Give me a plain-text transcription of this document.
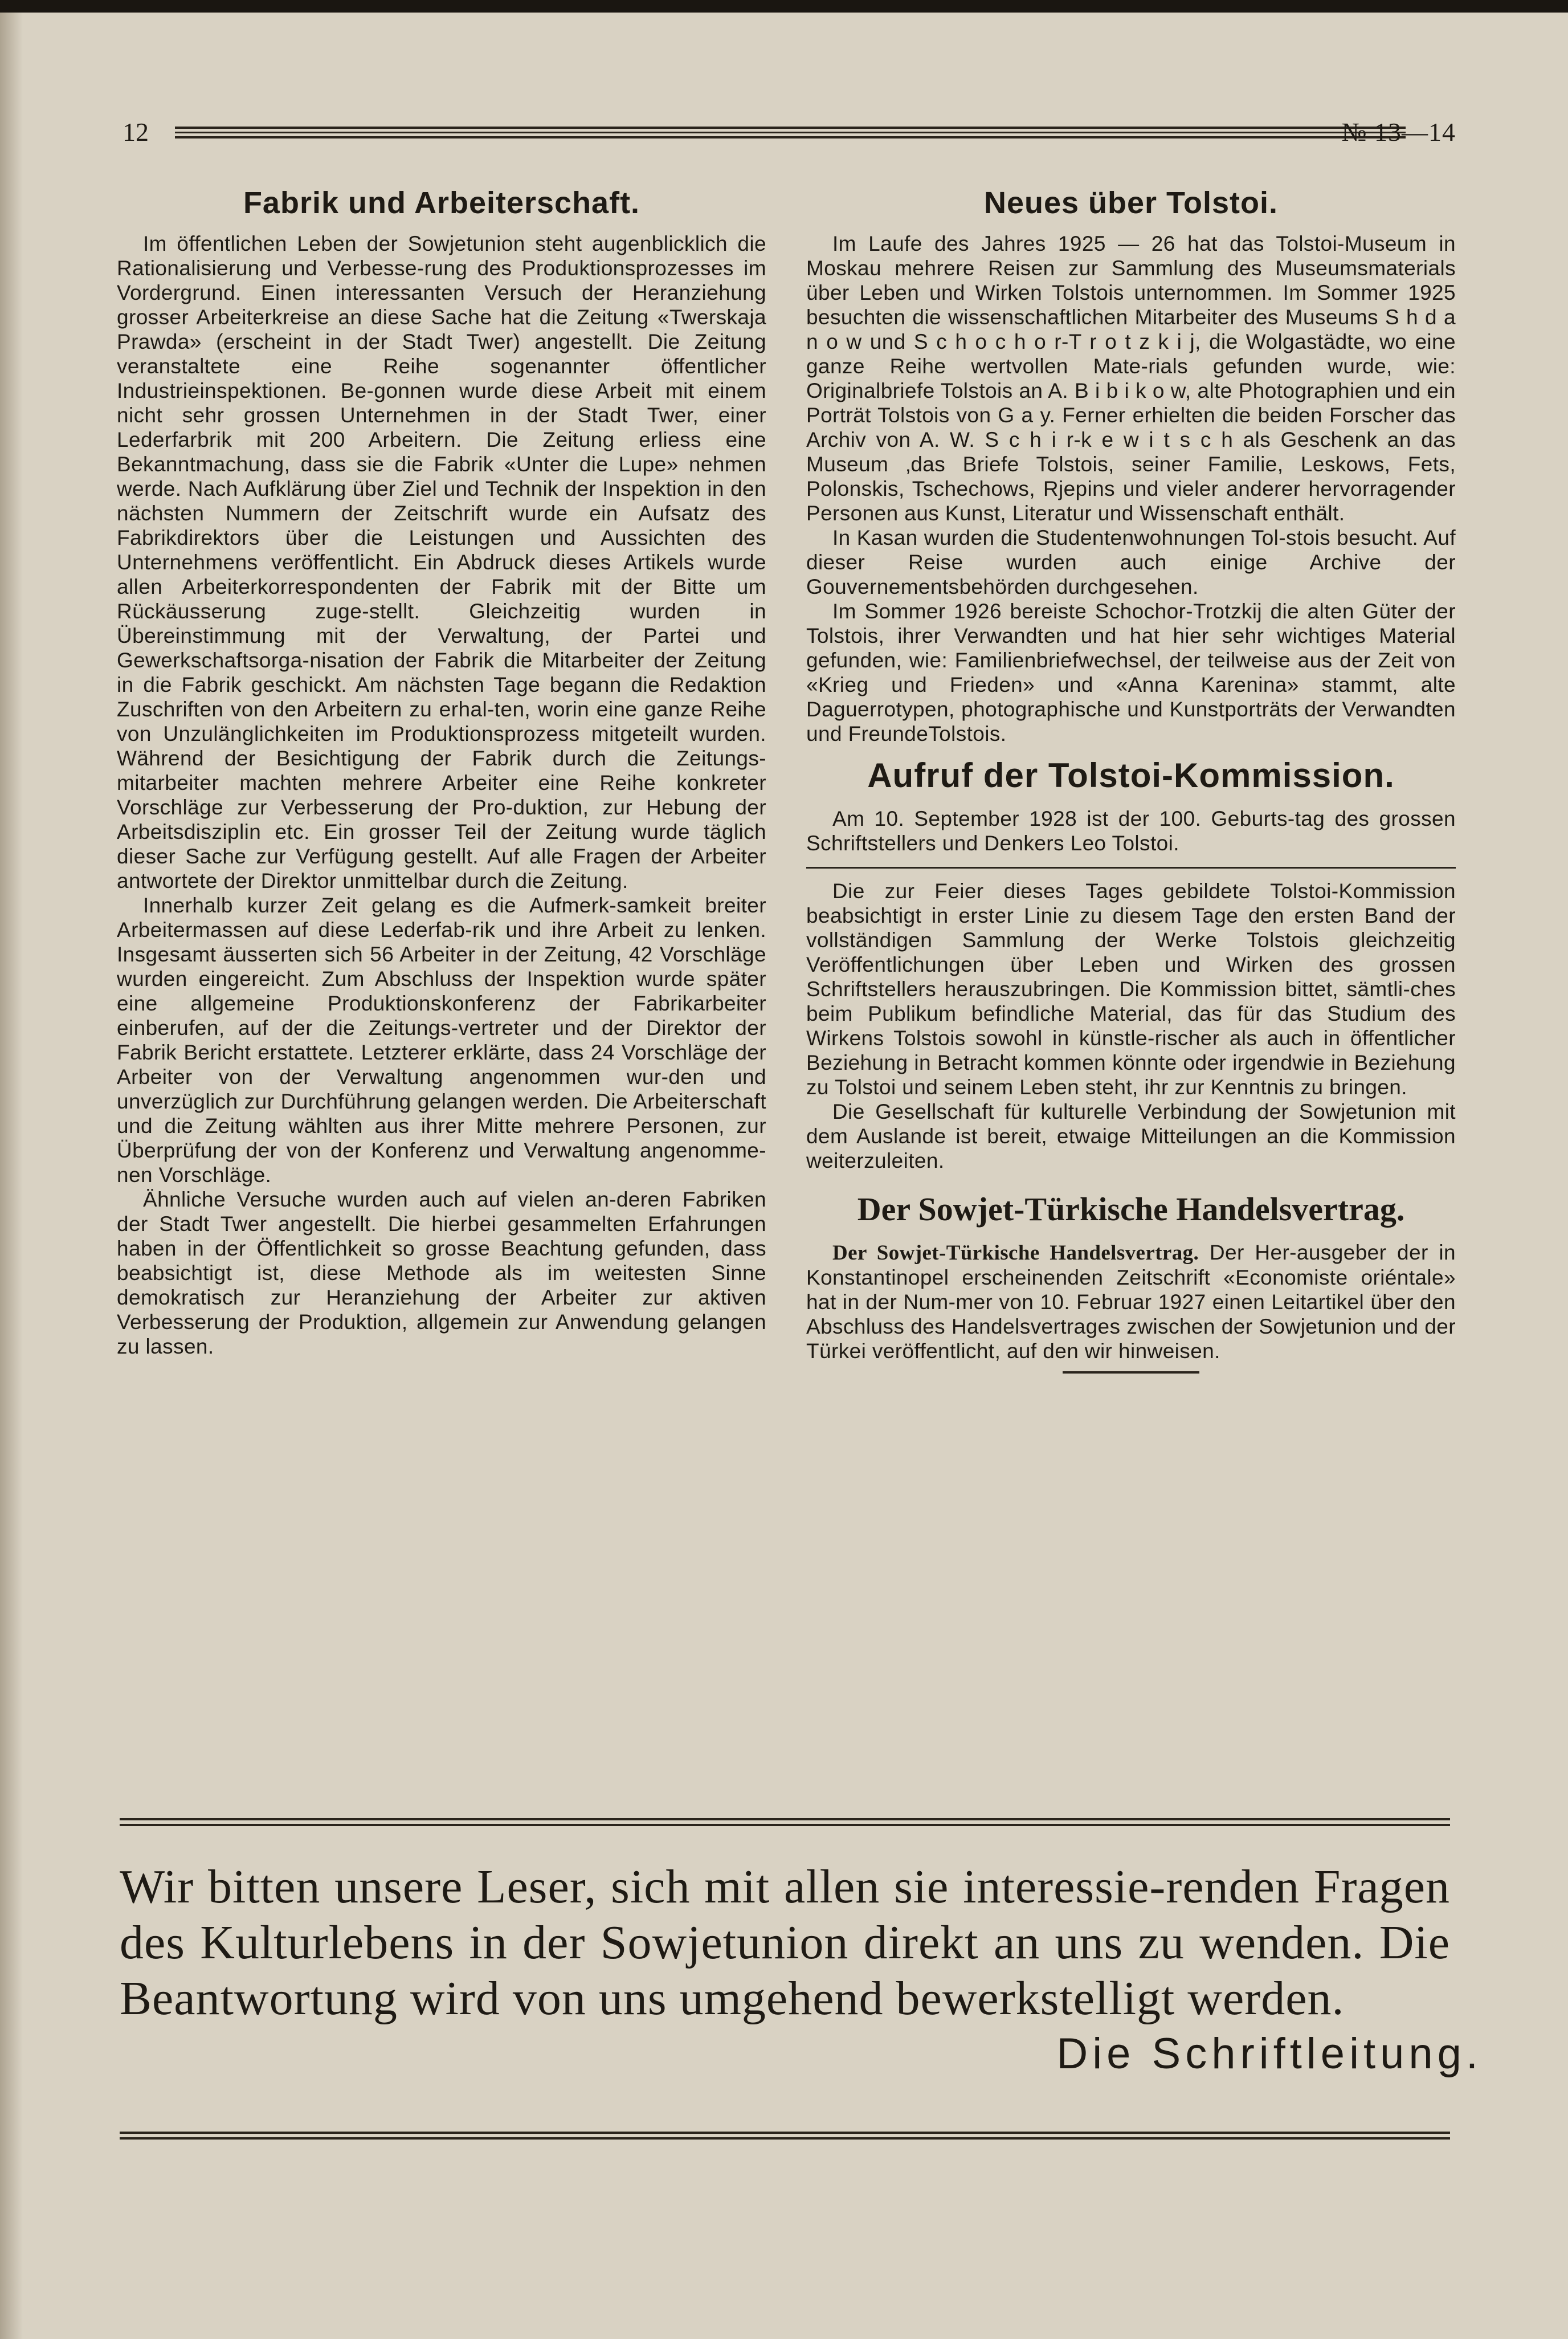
12	№ 13—14
Fabrik und Arbeiterschaft.

Im öffentlichen Leben der Sowjetunion steht augenblicklich die Rationalisierung und Verbesse-rung des Produktionsprozesses im Vordergrund. Einen interessanten Versuch der Heranziehung grosser Arbeiterkreise an diese Sache hat die Zeitung «Twerskaja Prawda» (erscheint in der Stadt Twer) angestellt. Die Zeitung veranstaltete eine Reihe sogenannter öffentlicher Industrieinspektionen. Be-gonnen wurde diese Arbeit mit einem nicht sehr grossen Unternehmen in der Stadt Twer, einer Lederfarbrik mit 200 Arbeitern. Die Zeitung erliess eine Bekanntmachung, dass sie die Fabrik «Unter die Lupe» nehmen werde. Nach Aufklärung über Ziel und Technik der Inspektion in den nächsten Nummern der Zeitschrift wurde ein Aufsatz des Fabrikdirektors über die Leistungen und Aussichten des Unternehmens veröffentlicht. Ein Abdruck dieses Artikels wurde allen Arbeiterkorrespondenten der Fabrik mit der Bitte um Rückäusserung zuge-stellt. Gleichzeitig wurden in Übereinstimmung mit der Verwaltung, der Partei und Gewerkschaftsorga-nisation der Fabrik die Mitarbeiter der Zeitung in die Fabrik geschickt. Am nächsten Tage begann die Redaktion Zuschriften von den Arbeitern zu erhal-ten, worin eine ganze Reihe von Unzulänglichkeiten im Produktionsprozess mitgeteilt wurden. Während der Besichtigung der Fabrik durch die Zeitungs-mitarbeiter machten mehrere Arbeiter eine Reihe konkreter Vorschläge zur Verbesserung der Pro-duktion, zur Hebung der Arbeitsdisziplin etc. Ein grosser Teil der Zeitung wurde täglich dieser Sache zur Verfügung gestellt. Auf alle Fragen der Arbeiter antwortete der Direktor unmittelbar durch die Zeitung.

Innerhalb kurzer Zeit gelang es die Aufmerk-samkeit breiter Arbeitermassen auf diese Lederfab-rik und ihre Arbeit zu lenken. Insgesamt äusserten sich 56 Arbeiter in der Zeitung, 42 Vorschläge wurden eingereicht. Zum Abschluss der Inspektion wurde später eine allgemeine Produktionskonferenz der Fabrikarbeiter einberufen, auf der die Zeitungs-vertreter und der Direktor der Fabrik Bericht erstattete. Letzterer erklärte, dass 24 Vorschläge der Arbeiter von der Verwaltung angenommen wur-den und unverzüglich zur Durchführung gelangen werden. Die Arbeiterschaft und die Zeitung wählten aus ihrer Mitte mehrere Personen, zur Überprüfung der von der Konferenz und Verwaltung angenomme-nen Vorschläge.

Ähnliche Versuche wurden auch auf vielen an-deren Fabriken der Stadt Twer angestellt. Die hierbei gesammelten Erfahrungen haben in der Öffentlichkeit so grosse Beachtung gefunden, dass beabsichtigt ist, diese Methode als im weitesten Sinne demokratisch zur Heranziehung der Arbeiter zur aktiven Verbesserung der Produktion, allgemein zur Anwendung gelangen zu lassen.

Neues über Tolstoi.

Im Laufe des Jahres 1925 — 26 hat das Tolstoi-Museum in Moskau mehrere Reisen zur Sammlung des Museumsmaterials über Leben und Wirken Tolstois unternommen. Im Sommer 1925 besuchten die wissenschaftlichen Mitarbeiter des Museums S h d a n o w und S c h o c h o r-T r o t z k i j, die Wolgastädte, wo eine ganze Reihe wertvollen Mate-rials gefunden wurde, wie: Originalbriefe Tolstois an A. B i b i k o w, alte Photographien und ein Porträt Tolstois von G a y. Ferner erhielten die beiden Forscher das Archiv von A. W. S c h i r-k e w i t s c h als Geschenk an das Museum ‚das Briefe Tolstois, seiner Familie, Leskows, Fets, Polonskis, Tschechows, Rjepins und vieler anderer hervorragender Personen aus Kunst, Literatur und Wissenschaft enthält.

In Kasan wurden die Studentenwohnungen Tol-stois besucht. Auf dieser Reise wurden auch einige Archive der Gouvernementsbehörden durchgesehen.

Im Sommer 1926 bereiste Schochor-Trotzkij die alten Güter der Tolstois, ihrer Verwandten und hat hier sehr wichtiges Material gefunden, wie: Familienbriefwechsel, der teilweise aus der Zeit von «Krieg und Frieden» und «Anna Karenina» stammt, alte Daguerrotypen, photographische und Kunstporträts der Verwandten und FreundeTolstois.

Aufruf der Tolstoi-Kommission.

Am 10. September 1928 ist der 100. Geburts-tag des grossen Schriftstellers und Denkers Leo Tolstoi.

Die zur Feier dieses Tages gebildete Tolstoi-Kommission beabsichtigt in erster Linie zu diesem Tage den ersten Band der vollständigen Sammlung der Werke Tolstois gleichzeitig Veröffentlichungen über Leben und Wirken des grossen Schriftstellers herauszubringen. Die Kommission bittet, sämtli-ches beim Publikum befindliche Material, das für das Studium des Wirkens Tolstois sowohl in künstle-rischer als auch in öffentlicher Beziehung in Betracht kommen könnte oder irgendwie in Beziehung zu Tolstoi und seinem Leben steht, ihr zur Kenntnis zu bringen.

Die Gesellschaft für kulturelle Verbindung der Sowjetunion mit dem Auslande ist bereit, etwaige Mitteilungen an die Kommission weiterzuleiten.

Der Sowjet-Türkische Handelsvertrag.

Der Sowjet-Türkische Handelsvertrag. Der Her-ausgeber der in Konstantinopel erscheinenden Zeitschrift «Economiste oriéntale» hat in der Num-mer von 10. Februar 1927 einen Leitartikel über den Abschluss des Handelsvertrages zwischen der Sowjetunion und der Türkei veröffentlicht, auf den wir hinweisen.

Wir bitten unsere Leser, sich mit allen sie interessie-renden Fragen des Kulturlebens in der Sowjetunion direkt an uns zu wenden. Die Beantwortung wird von uns umgehend bewerkstelligt werden.
Die Schriftleitung.
